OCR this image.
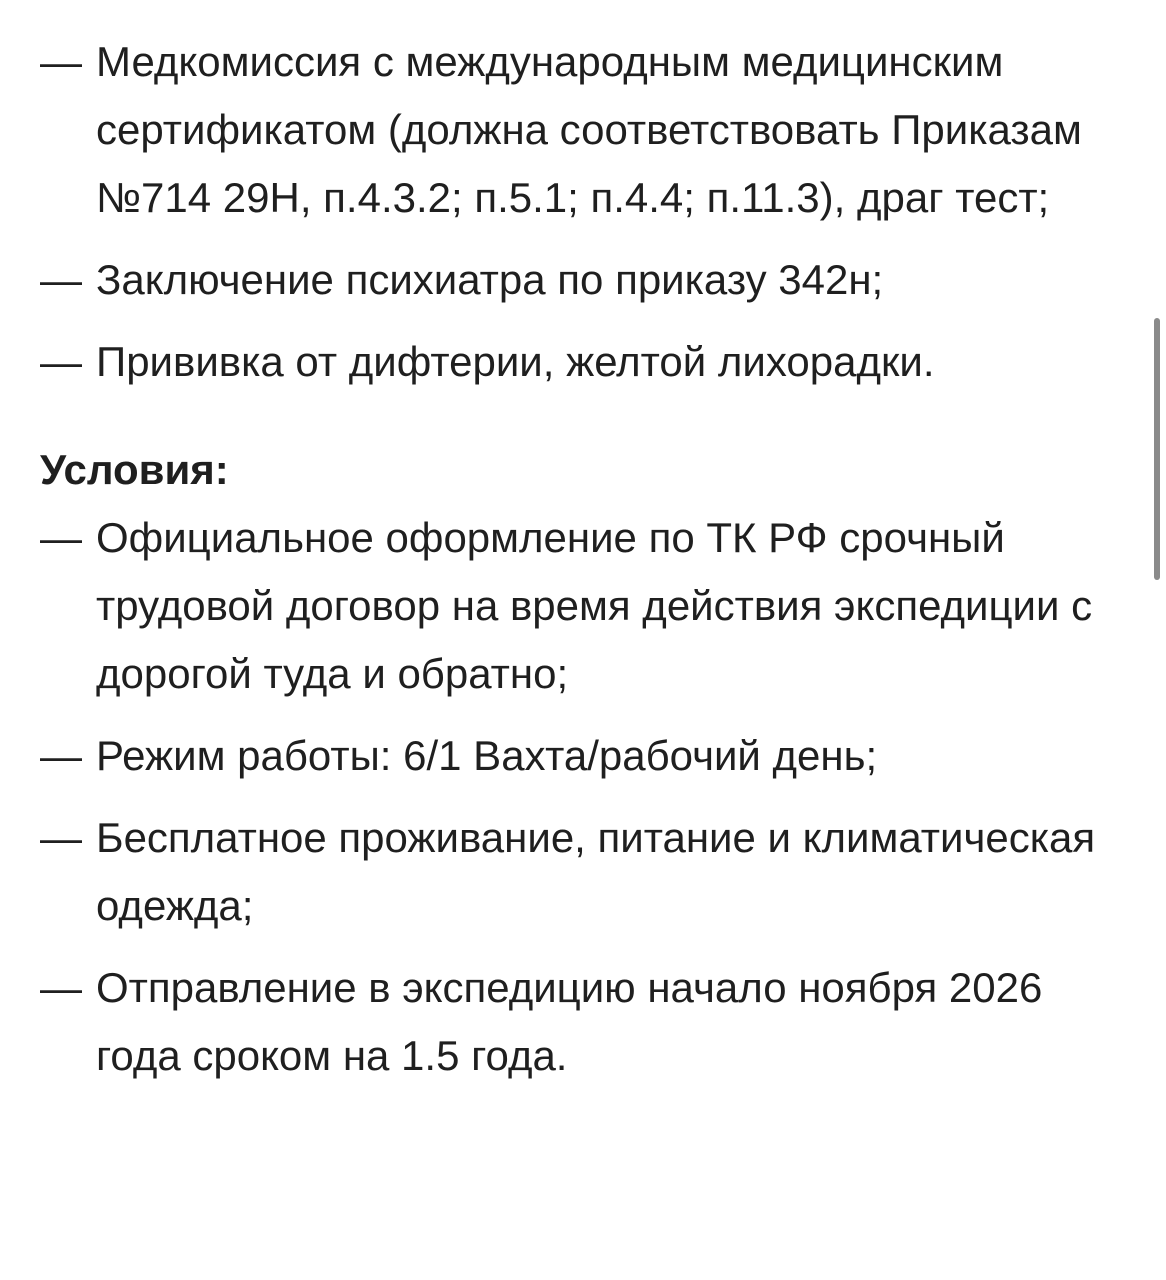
— Медкомиссия с международным медицинским сертификатом (должна соответствовать Приказам №714 29Н, п.4.3.2; п.5.1; п.4.4; п.11.3), драг тест;
— Заключение психиатра по приказу 342н;
— Прививка от дифтерии, желтой лихорадки.
Условия:
— Официальное оформление по ТК РФ срочный трудовой договор на время действия экспедиции с дорогой туда и обратно;
— Режим работы: 6/1 Вахта/рабочий день;
— Бесплатное проживание, питание и климатическая одежда;
— Отправление в экспедицию начало ноября 2026 года сроком на 1.5 года.
